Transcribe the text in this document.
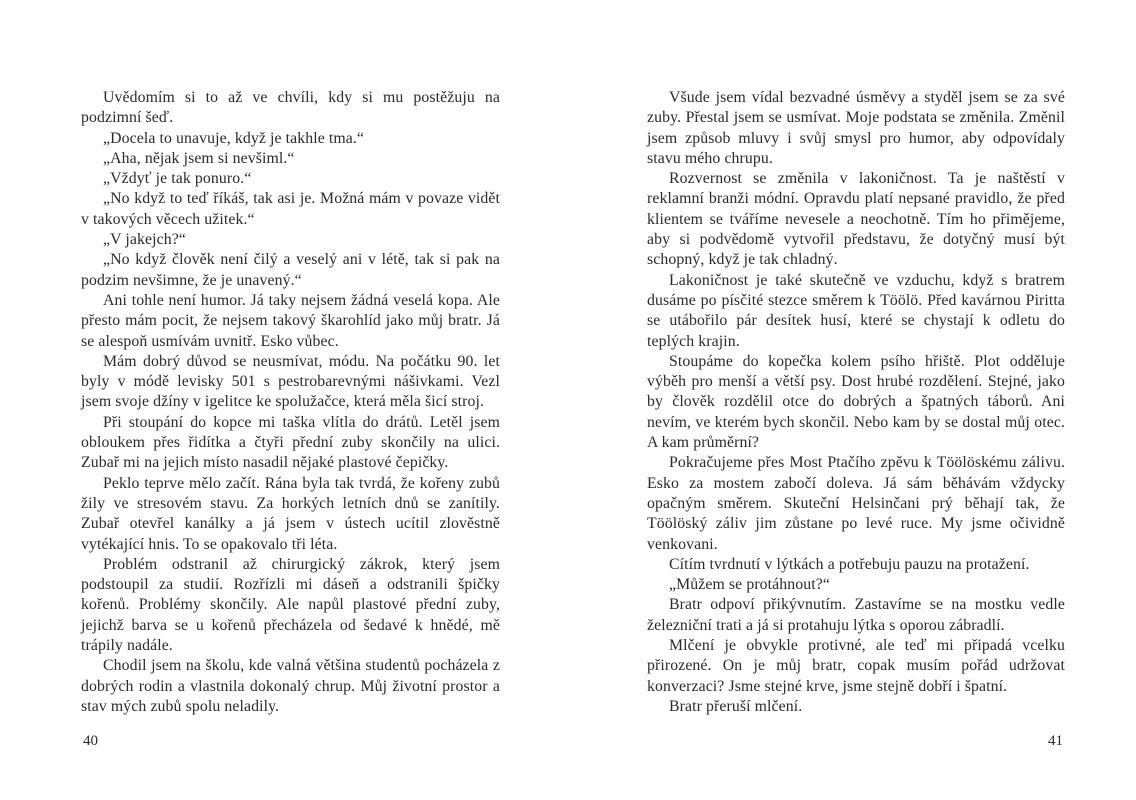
Uvědomím si to až ve chvíli, kdy si mu postěžuju na podzimní šeď.

„Docela to unavuje, když je takhle tma.“

„Aha, nějak jsem si nevšiml.“

„Vždyť je tak ponuro.“

„No když to teď říkáš, tak asi je. Možná mám v povaze vidět v takových věcech užitek.“

„V jakejch?“

„No když člověk není čilý a veselý ani v létě, tak si pak na podzim nevšimne, že je unavený.“

Ani tohle není humor. Já taky nejsem žádná veselá kopa. Ale přesto mám pocit, že nejsem takový škarohlíd jako můj bratr. Já se alespoň usmívám uvnitř. Esko vůbec.

Mám dobrý důvod se neusmívat, módu. Na počátku 90. let byly v módě levisky 501 s pestrobarevnými nášivkami. Vezl jsem svoje džíny v igelitce ke spolužačce, která měla šicí stroj.

Při stoupání do kopce mi taška vlítla do drátů. Letěl jsem obloukem přes řidítka a čtyři přední zuby skončily na ulici. Zubař mi na jejich místo nasadil nějaké plastové čepičky.

Peklo teprve mělo začít. Rána byla tak tvrdá, že kořeny zubů žily ve stresovém stavu. Za horkých letních dnů se zanítily. Zubař otevřel kanálky a já jsem v ústech ucítil zlověstně vytékající hnis. To se opakovalo tři léta.

Problém odstranil až chirurgický zákrok, který jsem podstoupil za studií. Rozřízli mi dáseň a odstranili špičky kořenů. Problémy skončily. Ale napůl plastové přední zuby, jejichž barva se u kořenů přecházela od šedavé k hnědé, mě trápily nadále.

Chodil jsem na školu, kde valná většina studentů pocházela z dobrých rodin a vlastnila dokonalý chrup. Můj životní prostor a stav mých zubů spolu neladily.

Všude jsem vídal bezvadné úsměvy a styděl jsem se za své zuby. Přestal jsem se usmívat. Moje podstata se změnila. Změnil jsem způsob mluvy i svůj smysl pro humor, aby odpovídaly stavu mého chrupu.

Rozvernost se změnila v lakoničnost. Ta je naštěstí v reklamní branži módní. Opravdu platí nepsané pravidlo, že před klientem se tváříme nevesele a neochotně. Tím ho přimějeme, aby si podvědomě vytvořil představu, že dotyčný musí být schopný, když je tak chladný.

Lakoničnost je také skutečně ve vzduchu, když s bratrem dusáme po písčité stezce směrem k Töölö. Před kavárnou Piritta se utábořilo pár desítek husí, které se chystají k odletu do teplých krajin.

Stoupáme do kopečka kolem psího hřiště. Plot odděluje výběh pro menší a větší psy. Dost hrubé rozdělení. Stejné, jako by člověk rozdělil otce do dobrých a špatných táborů. Ani nevím, ve kterém bych skončil. Nebo kam by se dostal můj otec. A kam průměrní?

Pokračujeme přes Most Ptačího zpěvu k Töölöskému zálivu. Esko za mostem zabočí doleva. Já sám běhávám vždycky opačným směrem. Skuteční Helsinčani prý běhají tak, že Töölöský záliv jim zůstane po levé ruce. My jsme očividně venkovani.

Cítím tvrdnutí v lýtkách a potřebuju pauzu na protažení.

„Můžem se protáhnout?“

Bratr odpoví přikývnutím. Zastavíme se na mostku vedle železniční trati a já si protahuju lýtka s oporou zábradlí.

Mlčení je obvykle protivné, ale teď mi připadá vcelku přirozené. On je můj bratr, copak musím pořád udržovat konverzaci? Jsme stejné krve, jsme stejně dobří i špatní.

Bratr přeruší mlčení.

40	41
